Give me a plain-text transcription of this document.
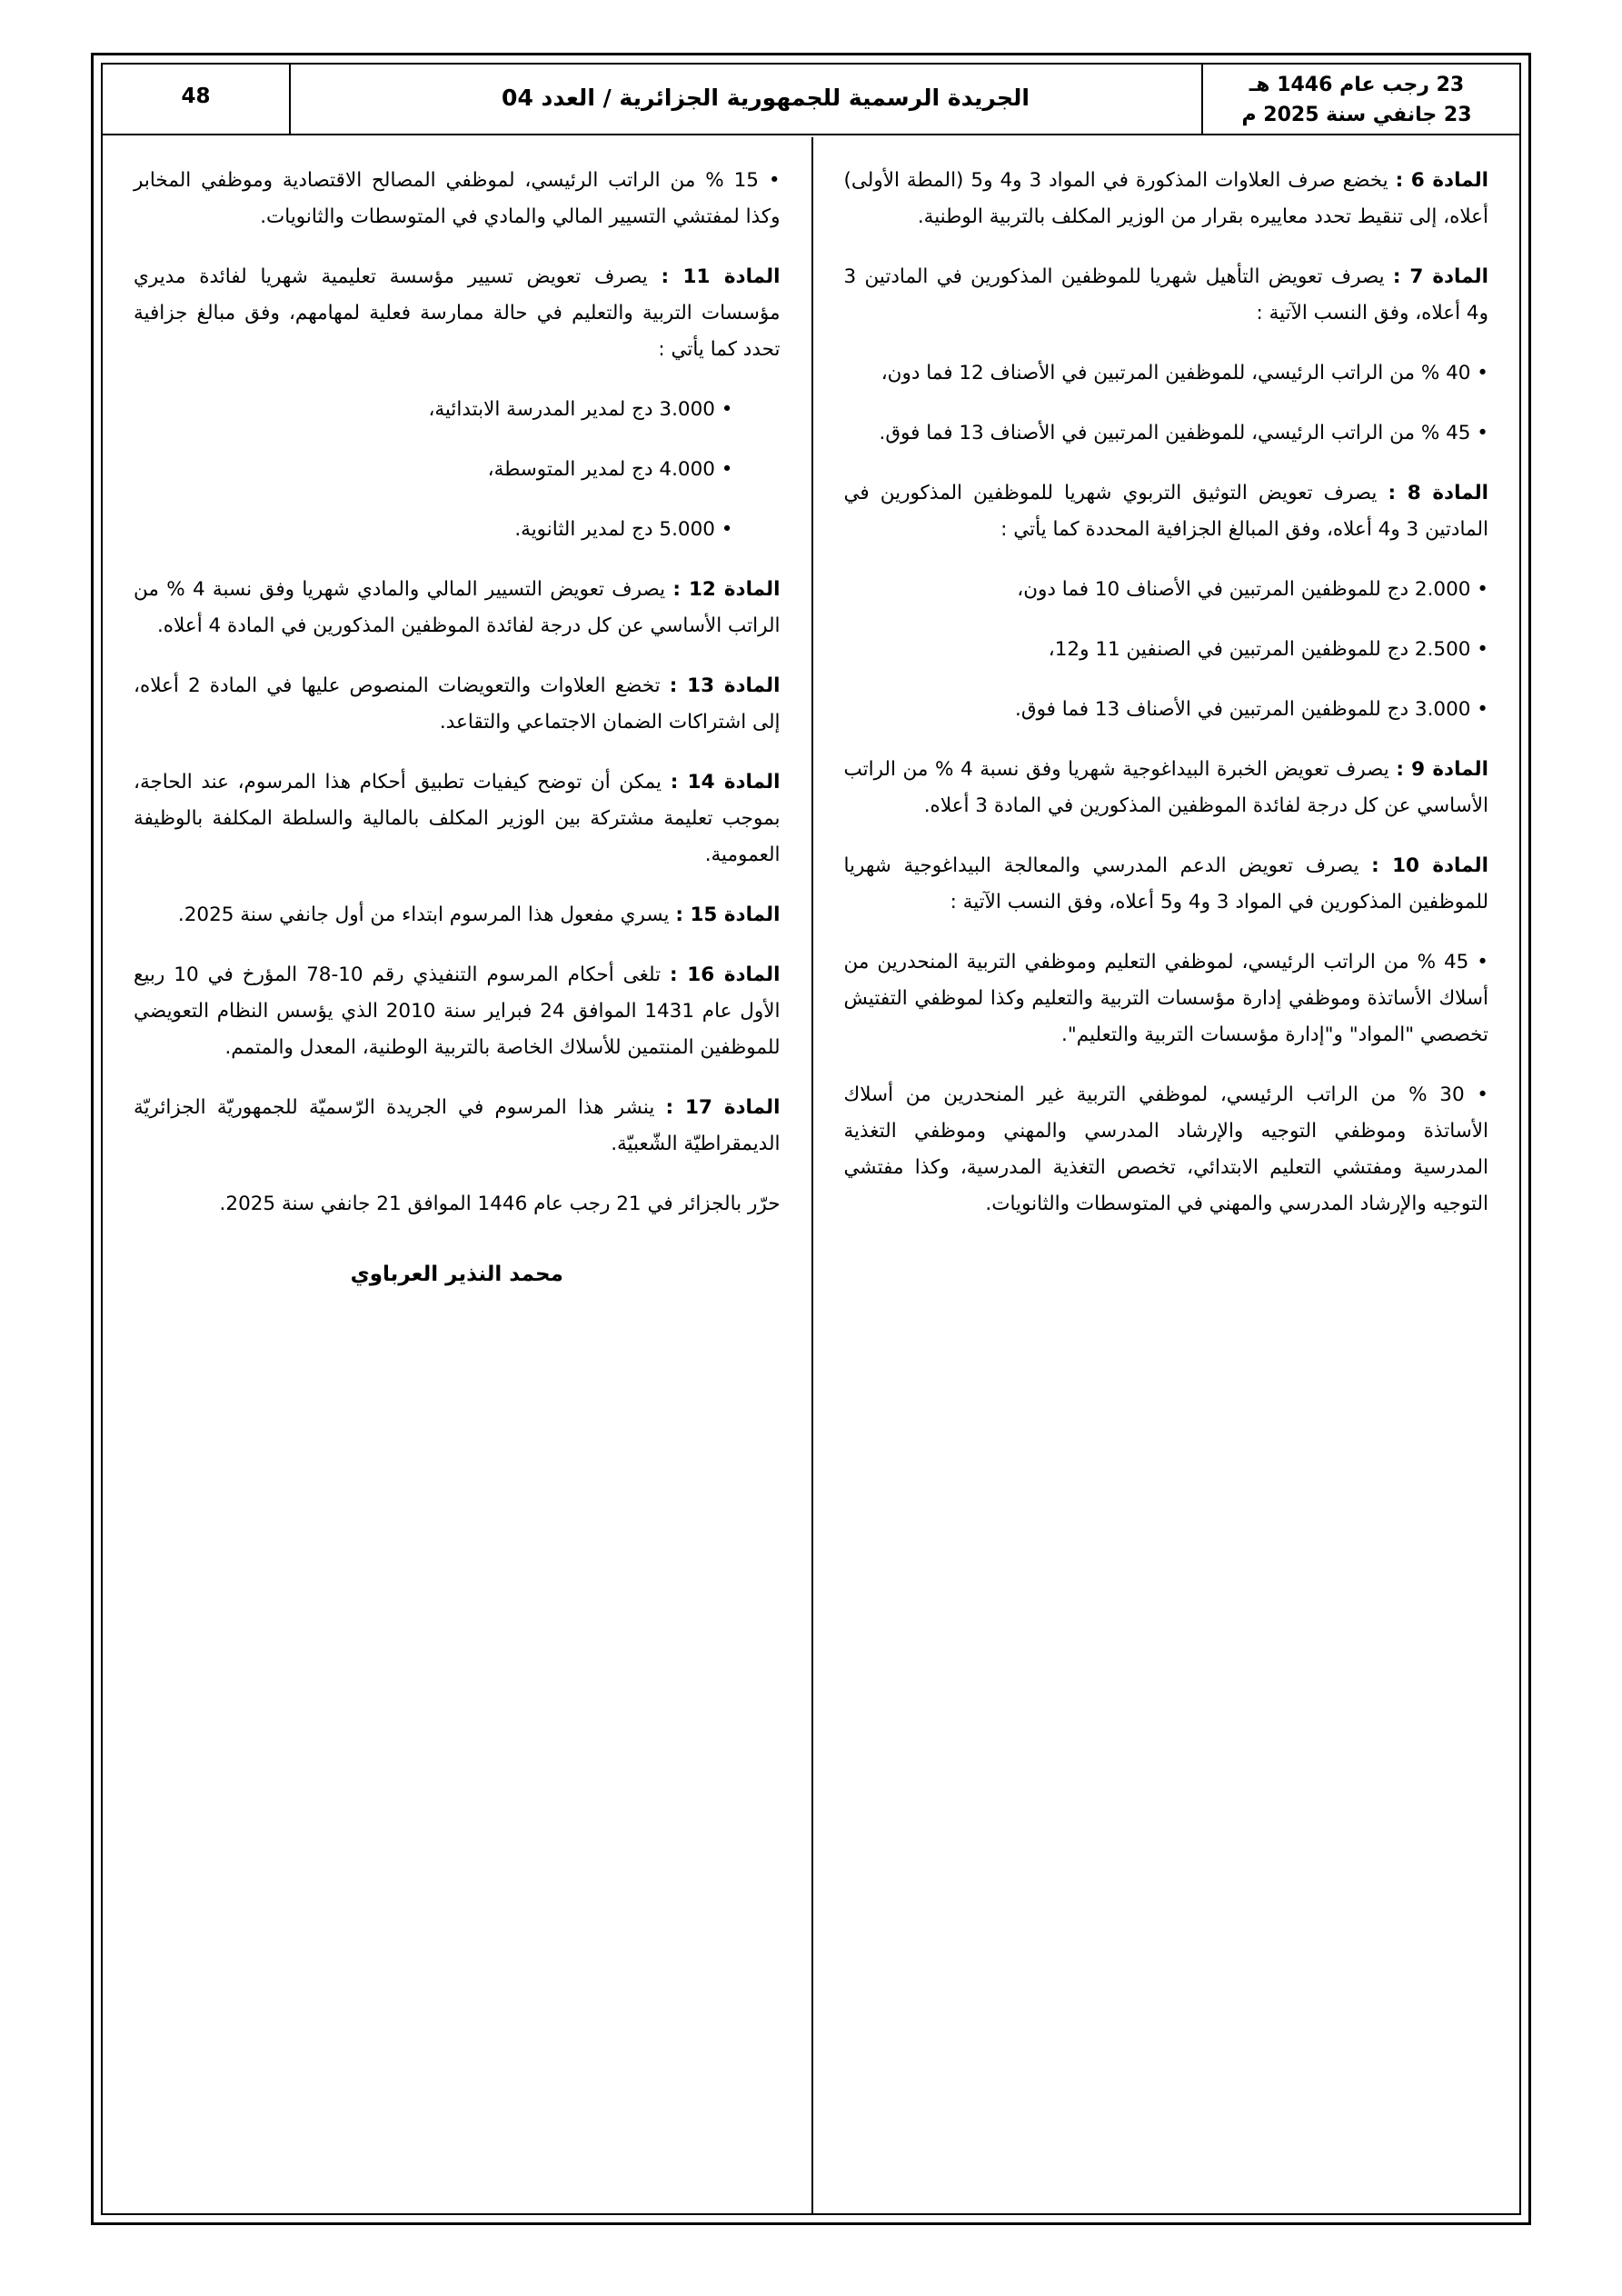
23 رجب عام 1446 هـ
23 جانفي سنة 2025 م
الجريدة الرسمية للجمهورية الجزائرية / العدد 04
48

المادة 6 : يخضع صرف العلاوات المذكورة في المواد 3 و4 و5 (المطة الأولى) أعلاه، إلى تنقيط تحدد معاييره بقرار من الوزير المكلف بالتربية الوطنية.

المادة 7 : يصرف تعويض التأهيل شهريا للموظفين المذكورين في المادتين 3 و4 أعلاه، وفق النسب الآتية :

• 40 % من الراتب الرئيسي، للموظفين المرتبين في الأصناف 12 فما دون،

• 45 % من الراتب الرئيسي، للموظفين المرتبين في الأصناف 13 فما فوق.

المادة 8 : يصرف تعويض التوثيق التربوي شهريا للموظفين المذكورين في المادتين 3 و4 أعلاه، وفق المبالغ الجزافية المحددة كما يأتي :

• 2.000 دج للموظفين المرتبين في الأصناف 10 فما دون،

• 2.500 دج للموظفين المرتبين في الصنفين 11 و12،

• 3.000 دج للموظفين المرتبين في الأصناف 13 فما فوق.

المادة 9 : يصرف تعويض الخبرة البيداغوجية شهريا وفق نسبة 4 % من الراتب الأساسي عن كل درجة لفائدة الموظفين المذكورين في المادة 3 أعلاه.

المادة 10 : يصرف تعويض الدعم المدرسي والمعالجة البيداغوجية شهريا للموظفين المذكورين في المواد 3 و4 و5 أعلاه، وفق النسب الآتية :

• 45 % من الراتب الرئيسي، لموظفي التعليم وموظفي التربية المنحدرين من أسلاك الأساتذة وموظفي إدارة مؤسسات التربية والتعليم وكذا لموظفي التفتيش تخصصي "المواد" و"إدارة مؤسسات التربية والتعليم".

• 30 % من الراتب الرئيسي، لموظفي التربية غير المنحدرين من أسلاك الأساتذة وموظفي التوجيه والإرشاد المدرسي والمهني وموظفي التغذية المدرسية ومفتشي التعليم الابتدائي، تخصص التغذية المدرسية، وكذا مفتشي التوجيه والإرشاد المدرسي والمهني في المتوسطات والثانويات.

• 15 % من الراتب الرئيسي، لموظفي المصالح الاقتصادية وموظفي المخابر وكذا لمفتشي التسيير المالي والمادي في المتوسطات والثانويات.

المادة 11 : يصرف تعويض تسيير مؤسسة تعليمية شهريا لفائدة مديري مؤسسات التربية والتعليم في حالة ممارسة فعلية لمهامهم، وفق مبالغ جزافية تحدد كما يأتي :

• 3.000 دج لمدير المدرسة الابتدائية،

• 4.000 دج لمدير المتوسطة،

• 5.000 دج لمدير الثانوية.

المادة 12 : يصرف تعويض التسيير المالي والمادي شهريا وفق نسبة 4 % من الراتب الأساسي عن كل درجة لفائدة الموظفين المذكورين في المادة 4 أعلاه.

المادة 13 : تخضع العلاوات والتعويضات المنصوص عليها في المادة 2 أعلاه، إلى اشتراكات الضمان الاجتماعي والتقاعد.

المادة 14 : يمكن أن توضح كيفيات تطبيق أحكام هذا المرسوم، عند الحاجة، بموجب تعليمة مشتركة بين الوزير المكلف بالمالية والسلطة المكلفة بالوظيفة العمومية.

المادة 15 : يسري مفعول هذا المرسوم ابتداء من أول جانفي سنة 2025.

المادة 16 : تلغى أحكام المرسوم التنفيذي رقم 10-78 المؤرخ في 10 ربيع الأول عام 1431 الموافق 24 فبراير سنة 2010 الذي يؤسس النظام التعويضي للموظفين المنتمين للأسلاك الخاصة بالتربية الوطنية، المعدل والمتمم.

المادة 17 : ينشر هذا المرسوم في الجريدة الرّسميّة للجمهوريّة الجزائريّة الديمقراطيّة الشّعبيّة.

حرّر بالجزائر في 21 رجب عام 1446 الموافق 21 جانفي سنة 2025.

محمد النذير العرباوي
